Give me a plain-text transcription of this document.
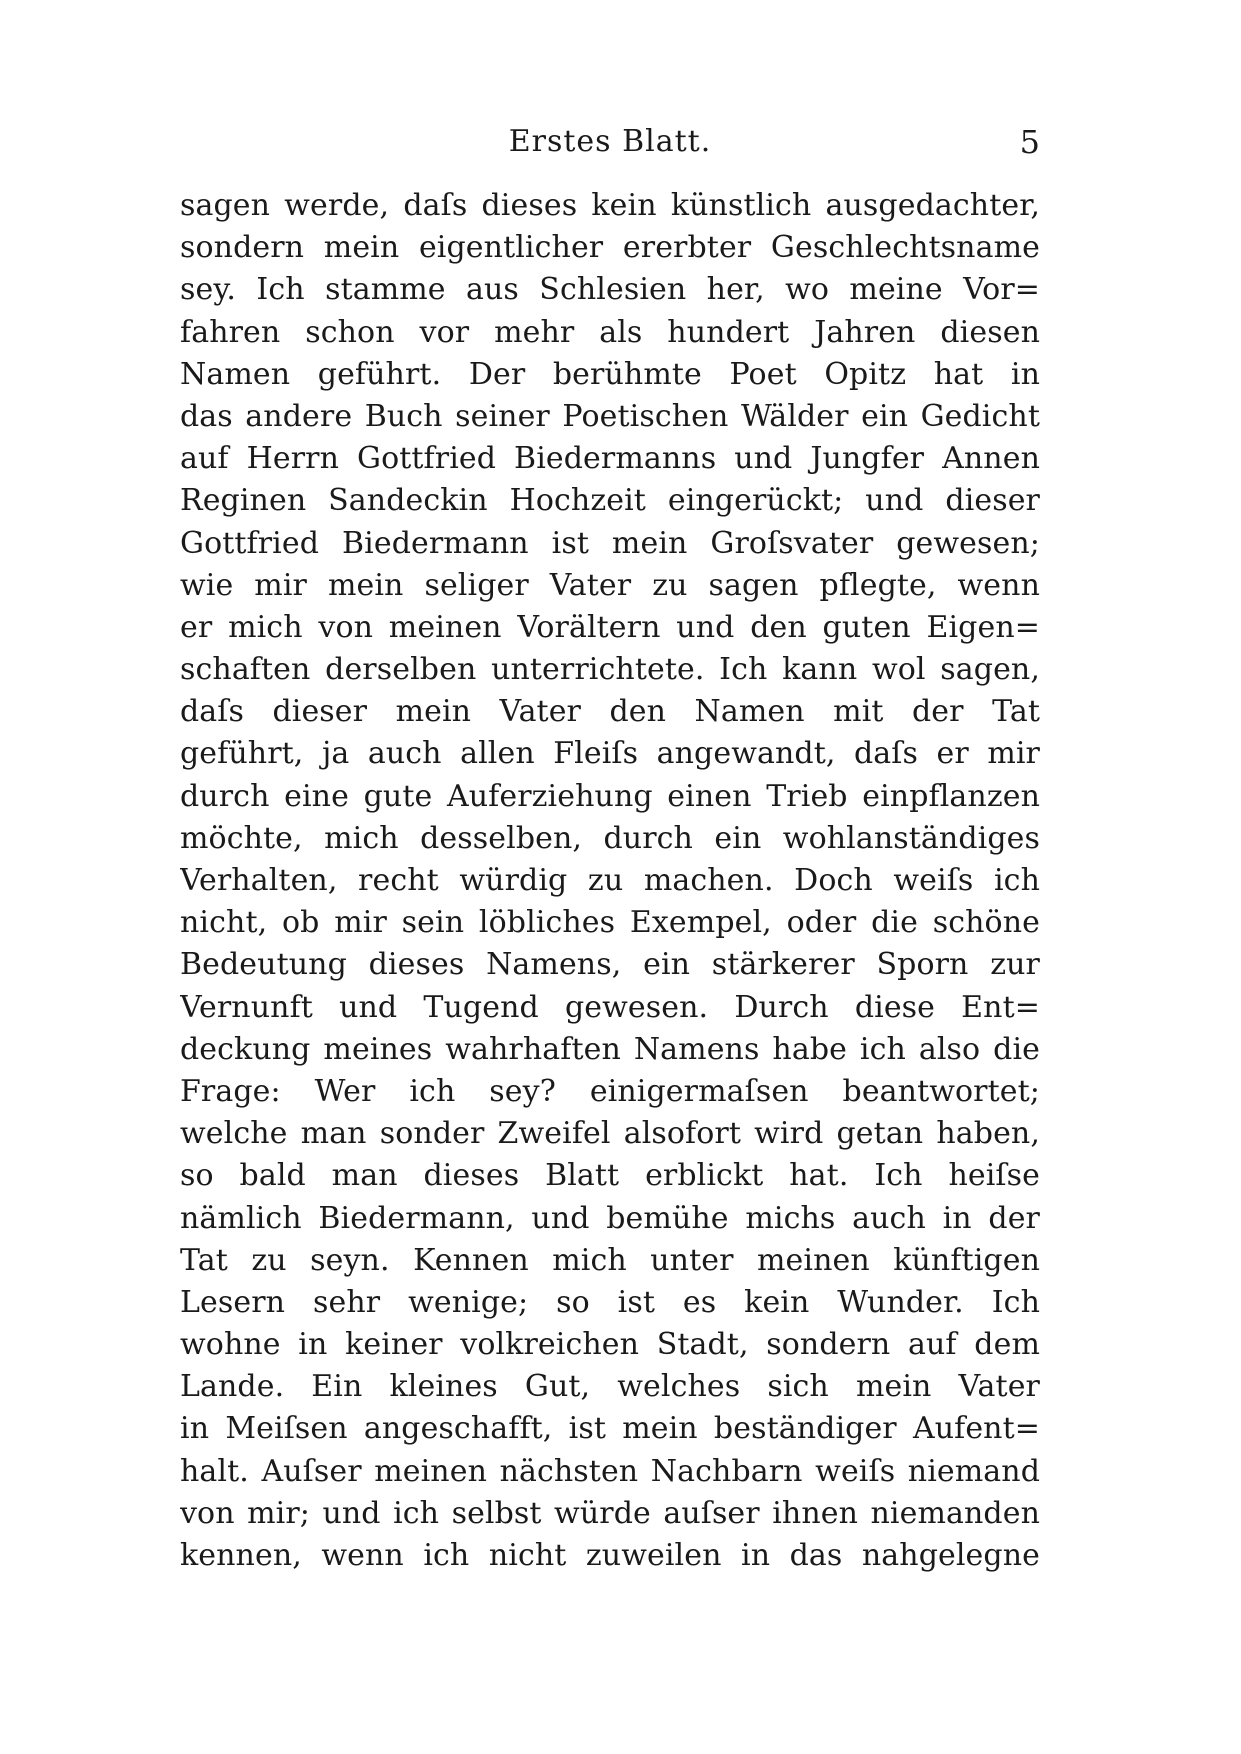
Erstes Blatt.	5
sagen werde, daſs dieses kein künstlich ausgedachter,
sondern mein eigentlicher ererbter Geschlechtsname
sey. Ich stamme aus Schlesien her, wo meine Vor=
fahren schon vor mehr als hundert Jahren diesen
Namen geführt. Der berühmte Poet Opitz hat in
das andere Buch seiner Poetischen Wälder ein Gedicht
auf Herrn Gottfried Biedermanns und Jungfer Annen
Reginen Sandeckin Hochzeit eingerückt; und dieser
Gottfried Biedermann ist mein Groſsvater gewesen;
wie mir mein seliger Vater zu sagen pflegte, wenn
er mich von meinen Vorältern und den guten Eigen=
schaften derselben unterrichtete. Ich kann wol sagen,
daſs dieser mein Vater den Namen mit der Tat
geführt, ja auch allen Fleiſs angewandt, daſs er mir
durch eine gute Auferziehung einen Trieb einpflanzen
möchte, mich desselben, durch ein wohlanständiges
Verhalten, recht würdig zu machen. Doch weiſs ich
nicht, ob mir sein löbliches Exempel, oder die schöne
Bedeutung dieses Namens, ein stärkerer Sporn zur
Vernunft und Tugend gewesen. Durch diese Ent=
deckung meines wahrhaften Namens habe ich also die
Frage: Wer ich sey? einigermaſsen beantwortet;
welche man sonder Zweifel alsofort wird getan haben,
so bald man dieses Blatt erblickt hat. Ich heiſse
nämlich Biedermann, und bemühe michs auch in der
Tat zu seyn. Kennen mich unter meinen künftigen
Lesern sehr wenige; so ist es kein Wunder. Ich
wohne in keiner volkreichen Stadt, sondern auf dem
Lande. Ein kleines Gut, welches sich mein Vater
in Meiſsen angeschafft, ist mein beständiger Aufent=
halt. Auſser meinen nächsten Nachbarn weiſs niemand
von mir; und ich selbst würde auſser ihnen niemanden
kennen, wenn ich nicht zuweilen in das nahgelegne
